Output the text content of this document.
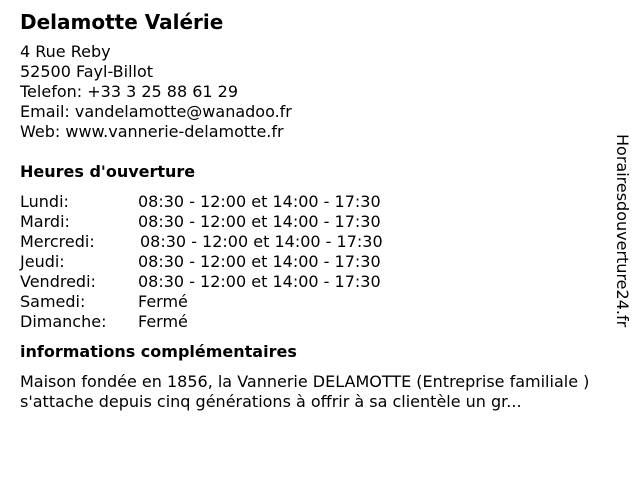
Delamotte Valérie
4 Rue Reby
52500 Fayl-Billot
Telefon: +33 3 25 88 61 29
Email: vandelamotte@wanadoo.fr
Web: www.vannerie-delamotte.fr
Heures d'ouverture
Lundi:	08:30 - 12:00 et 14:00 - 17:30
Mardi:	08:30 - 12:00 et 14:00 - 17:30
Mercredi:	08:30 - 12:00 et 14:00 - 17:30
Jeudi:	08:30 - 12:00 et 14:00 - 17:30
Vendredi:	08:30 - 12:00 et 14:00 - 17:30
Samedi:	Fermé
Dimanche: Fermé
informations complémentaires
Maison fondée en 1856, la Vannerie DELAMOTTE (Entreprise familiale ) s'attache depuis cinq générations à offrir à sa clientèle un gr...
Horairesdouverture24.fr
